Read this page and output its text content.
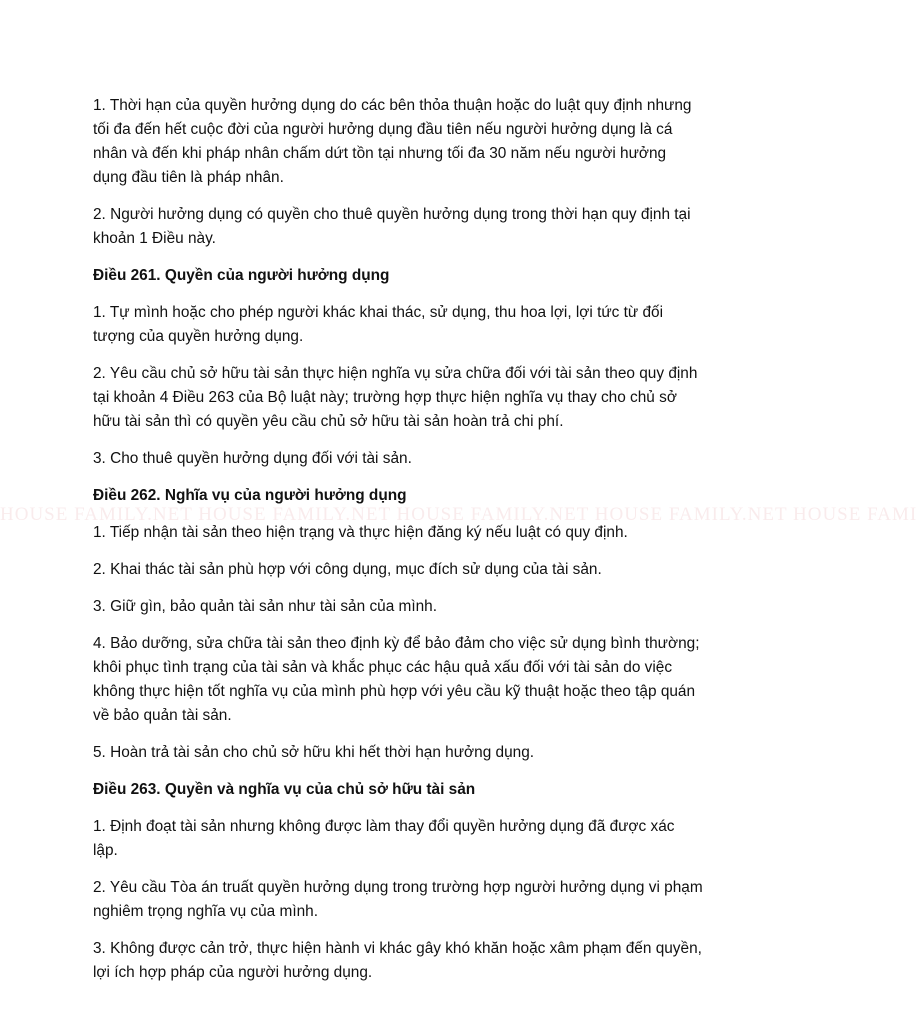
HOUSE FAMILY.NET HOUSE FAMILY.NET HOUSE FAMILY.NET HOUSE FAMILY.NET HOUSE FAMI

1. Thời hạn của quyền hưởng dụng do các bên thỏa thuận hoặc do luật quy định nhưng
tối đa đến hết cuộc đời của người hưởng dụng đầu tiên nếu người hưởng dụng là cá
nhân và đến khi pháp nhân chấm dứt tồn tại nhưng tối đa 30 năm nếu người hưởng
dụng đầu tiên là pháp nhân.

2. Người hưởng dụng có quyền cho thuê quyền hưởng dụng trong thời hạn quy định tại
khoản 1 Điều này.

Điều 261. Quyền của người hưởng dụng

1. Tự mình hoặc cho phép người khác khai thác, sử dụng, thu hoa lợi, lợi tức từ đối
tượng của quyền hưởng dụng.

2. Yêu cầu chủ sở hữu tài sản thực hiện nghĩa vụ sửa chữa đối với tài sản theo quy định
tại khoản 4 Điều 263 của Bộ luật này; trường hợp thực hiện nghĩa vụ thay cho chủ sở
hữu tài sản thì có quyền yêu cầu chủ sở hữu tài sản hoàn trả chi phí.

3. Cho thuê quyền hưởng dụng đối với tài sản.

Điều 262. Nghĩa vụ của người hưởng dụng

1. Tiếp nhận tài sản theo hiện trạng và thực hiện đăng ký nếu luật có quy định.

2. Khai thác tài sản phù hợp với công dụng, mục đích sử dụng của tài sản.

3. Giữ gìn, bảo quản tài sản như tài sản của mình.

4. Bảo dưỡng, sửa chữa tài sản theo định kỳ để bảo đảm cho việc sử dụng bình thường;
khôi phục tình trạng của tài sản và khắc phục các hậu quả xấu đối với tài sản do việc
không thực hiện tốt nghĩa vụ của mình phù hợp với yêu cầu kỹ thuật hoặc theo tập quán
về bảo quản tài sản.

5. Hoàn trả tài sản cho chủ sở hữu khi hết thời hạn hưởng dụng.

Điều 263. Quyền và nghĩa vụ của chủ sở hữu tài sản

1. Định đoạt tài sản nhưng không được làm thay đổi quyền hưởng dụng đã được xác
lập.

2. Yêu cầu Tòa án truất quyền hưởng dụng trong trường hợp người hưởng dụng vi phạm
nghiêm trọng nghĩa vụ của mình.

3. Không được cản trở, thực hiện hành vi khác gây khó khăn hoặc xâm phạm đến quyền,
lợi ích hợp pháp của người hưởng dụng.
